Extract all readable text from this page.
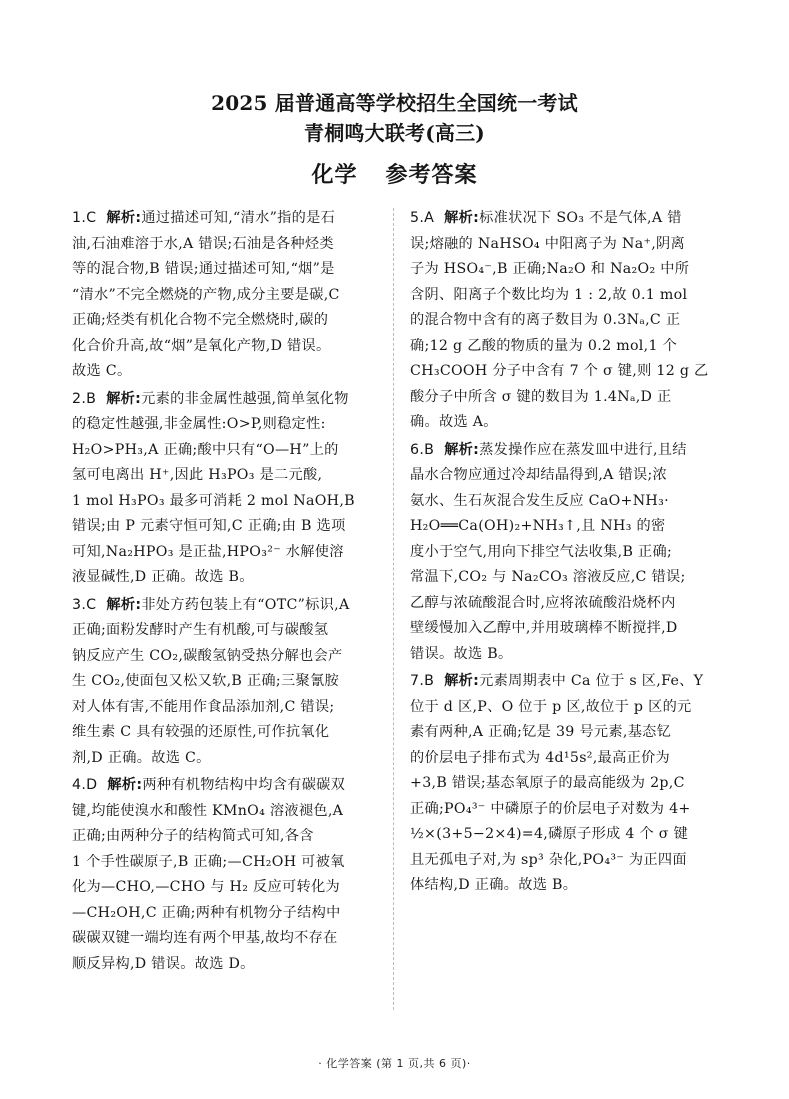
2025 届普通高等学校招生全国统一考试

青桐鸣大联考(高三)

化学 参考答案
1.C 解析:通过描述可知,“清水”指的是石
油,石油难溶于水,A 错误;石油是各种烃类
等的混合物,B 错误;通过描述可知,“烟”是
“清水”不完全燃烧的产物,成分主要是碳,C
正确;烃类有机化合物不完全燃烧时,碳的
化合价升高,故“烟”是氧化产物,D 错误。
故选 C。
2.B 解析:元素的非金属性越强,简单氢化物
的稳定性越强,非金属性:O>P,则稳定性:
H₂O>PH₃,A 正确;酸中只有“O—H”上的
氢可电离出 H⁺,因此 H₃PO₃ 是二元酸,
1 mol H₃PO₃ 最多可消耗 2 mol NaOH,B
错误;由 P 元素守恒可知,C 正确;由 B 选项
可知,Na₂HPO₃ 是正盐,HPO₃²⁻ 水解使溶
液显碱性,D 正确。故选 B。
3.C 解析:非处方药包装上有“OTC”标识,A
正确;面粉发酵时产生有机酸,可与碳酸氢
钠反应产生 CO₂,碳酸氢钠受热分解也会产
生 CO₂,使面包又松又软,B 正确;三聚氰胺
对人体有害,不能用作食品添加剂,C 错误;
维生素 C 具有较强的还原性,可作抗氧化
剂,D 正确。故选 C。
4.D 解析:两种有机物结构中均含有碳碳双
键,均能使溴水和酸性 KMnO₄ 溶液褪色,A
正确;由两种分子的结构简式可知,各含
1 个手性碳原子,B 正确;—CH₂OH 可被氧
化为—CHO,—CHO 与 H₂ 反应可转化为
—CH₂OH,C 正确;两种有机物分子结构中
碳碳双键一端均连有两个甲基,故均不存在
顺反异构,D 错误。故选 D。
5.A 解析:标准状况下 SO₃ 不是气体,A 错
误;熔融的 NaHSO₄ 中阳离子为 Na⁺,阴离
子为 HSO₄⁻,B 正确;Na₂O 和 Na₂O₂ 中所
含阴、阳离子个数比均为 1 : 2,故 0.1 mol
的混合物中含有的离子数目为 0.3Nₐ,C 正
确;12 g 乙酸的物质的量为 0.2 mol,1 个
CH₃COOH 分子中含有 7 个 σ 键,则 12 g 乙
酸分子中所含 σ 键的数目为 1.4Nₐ,D 正
确。故选 A。
6.B 解析:蒸发操作应在蒸发皿中进行,且结
晶水合物应通过冷却结晶得到,A 错误;浓
氨水、生石灰混合发生反应 CaO+NH₃·
H₂O══Ca(OH)₂+NH₃↑,且 NH₃ 的密
度小于空气,用向下排空气法收集,B 正确;
常温下,CO₂ 与 Na₂CO₃ 溶液反应,C 错误;
乙醇与浓硫酸混合时,应将浓硫酸沿烧杯内
壁缓慢加入乙醇中,并用玻璃棒不断搅拌,D
错误。故选 B。
7.B 解析:元素周期表中 Ca 位于 s 区,Fe、Y
位于 d 区,P、O 位于 p 区,故位于 p 区的元
素有两种,A 正确;钇是 39 号元素,基态钇
的价层电子排布式为 4d¹5s²,最高正价为
+3,B 错误;基态氧原子的最高能级为 2p,C
正确;PO₄³⁻ 中磷原子的价层电子对数为 4+
½×(3+5−2×4)=4,磷原子形成 4 个 σ 键
且无孤电子对,为 sp³ 杂化,PO₄³⁻ 为正四面
体结构,D 正确。故选 B。
· 化学答案 (第 1 页,共 6 页)·
